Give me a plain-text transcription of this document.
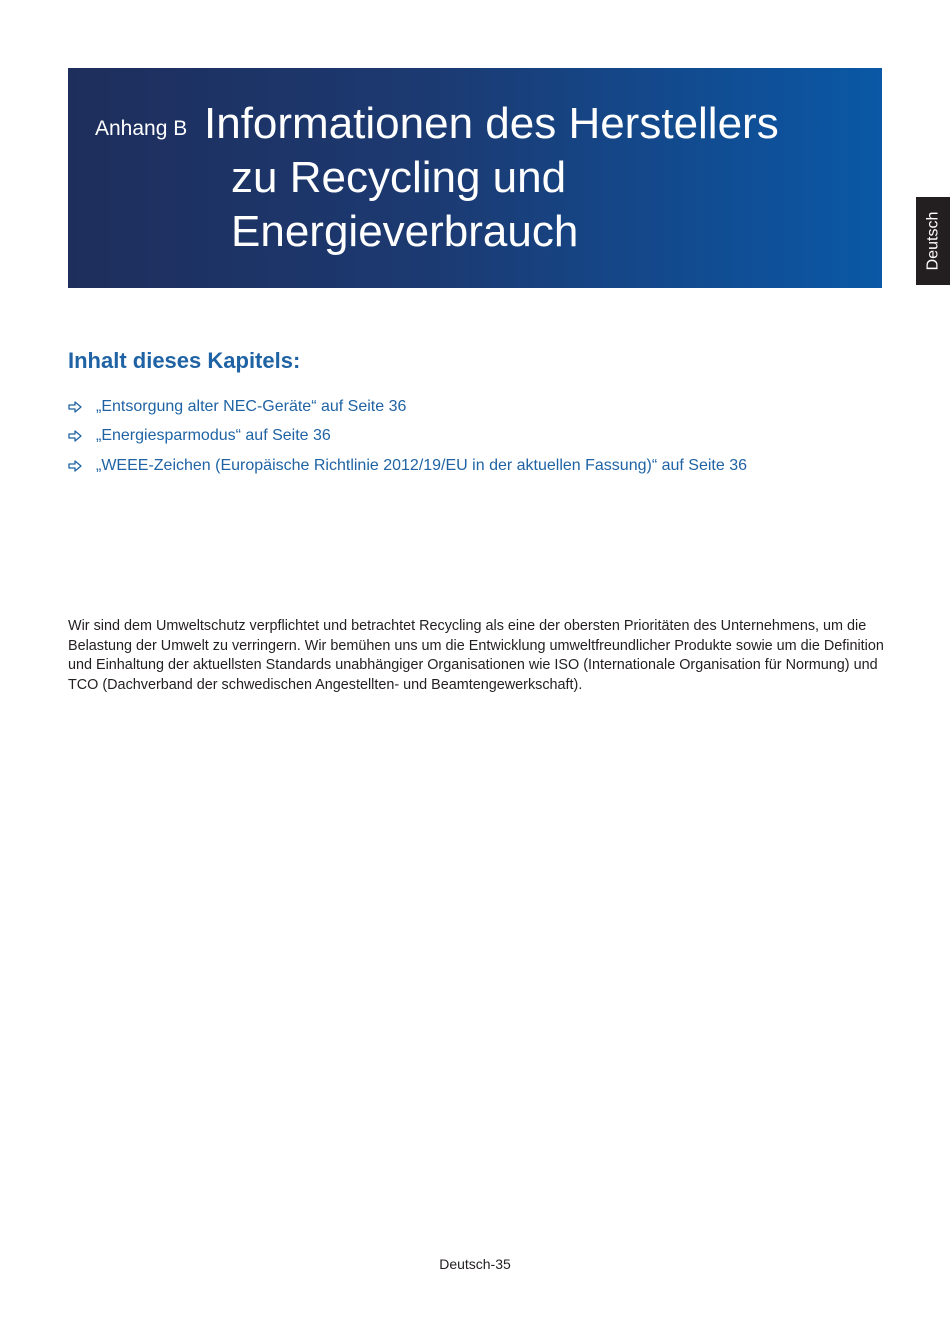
Anhang B Informationen des Herstellers
zu Recycling und
Energieverbrauch	Deutsch
Inhalt dieses Kapitels:
„Entsorgung alter NEC-Geräte“ auf Seite 36
„Energiesparmodus“ auf Seite 36
„WEEE-Zeichen (Europäische Richtlinie 2012/19/EU in der aktuellen Fassung)“ auf Seite 36

Wir sind dem Umweltschutz verpflichtet und betrachtet Recycling als eine der obersten Prioritäten des Unternehmens, um die
Belastung der Umwelt zu verringern. Wir bemühen uns um die Entwicklung umweltfreundlicher Produkte sowie um die Definition
und Einhaltung der aktuellsten Standards unabhängiger Organisationen wie ISO (Internationale Organisation für Normung) und
TCO (Dachverband der schwedischen Angestellten- und Beamtengewerkschaft).

Deutsch-35
